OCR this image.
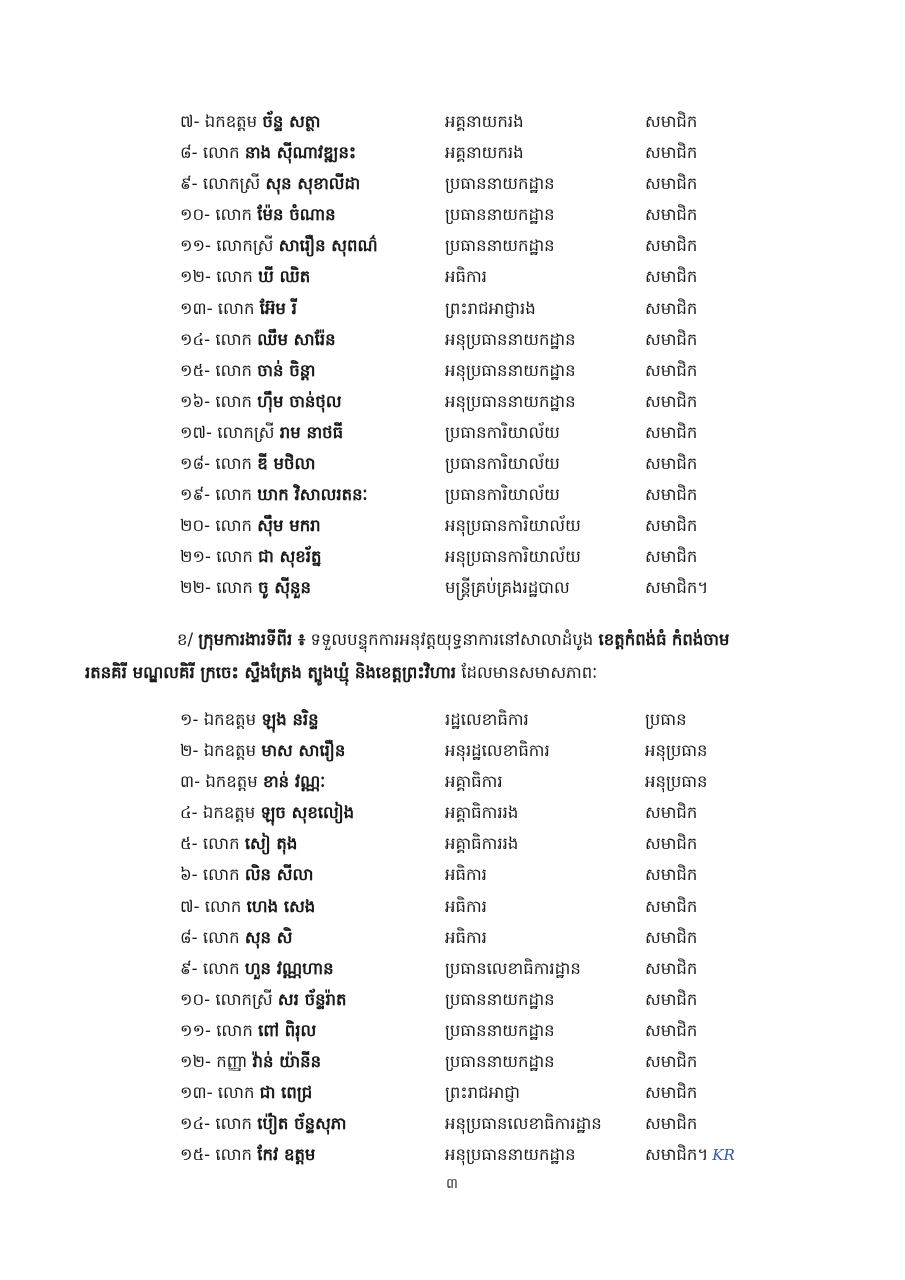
៧- ឯកឧត្តម ច័ន្ទ សត្ថា	អគ្គនាយករង	សមាជិក
៨- លោក នាង ស៊ីណាវឌ្ឍនះ	អគ្គនាយករង	សមាជិក
៩- លោកស្រី សុន សុខាលីដា	ប្រធាននាយកដ្ឋាន	សមាជិក
១០- លោក ម៉ែន ចំណាន	ប្រធាននាយកដ្ឋាន	សមាជិក
១១- លោកស្រី សារឿន សុពណ៌	ប្រធាននាយកដ្ឋាន	សមាជិក
១២- លោក ឃី ឈិត	អធិការ	សមាជិក
១៣- លោក អ៊ែម រី	ព្រះរាជអាជ្ញារង	សមាជិក
១៤- លោក ឈឹម សារ៉ែន	អនុប្រធាននាយកដ្ឋាន	សមាជិក
១៥- លោក ចាន់ ចិន្តា	អនុប្រធាននាយកដ្ឋាន	សមាជិក
១៦- លោក ហ៊ឹម ចាន់ថុល	អនុប្រធាននាយកដ្ឋាន	សមាជិក
១៧- លោកស្រី រាម នាថធី	ប្រធានការិយាល័យ	សមាជិក
១៨- លោក ឌី មថិលា	ប្រធានការិយាល័យ	សមាជិក
១៩- លោក ឃាក វិសាលរតនៈ	ប្រធានការិយាល័យ	សមាជិក
២០- លោក ស៊ឹម មករា	អនុប្រធានការិយាល័យ	សមាជិក
២១- លោក ជា សុខរ័ត្ន	អនុប្រធានការិយាល័យ	សមាជិក
២២- លោក ចូ ស៊ីនួន	មន្ត្រីគ្រប់គ្រងរដ្ឋបាល	សមាជិក។
ខ/ ក្រុមការងារទីពីរ ៖ ទទួលបន្ទុកការអនុវត្តយុទ្ធនាការនៅសាលាដំបូង ខេត្តកំពង់ធំ កំពង់ចាម
រតនគិរី មណ្ឌលគិរី ក្រចេះ ស្ទឹងត្រែង ត្បូងឃ្មុំ និងខេត្តព្រះវិហារ ដែលមានសមាសភាពៈ
១- ឯកឧត្តម ឡុង នរិន្ទ	រដ្ឋលេខាធិការ	ប្រធាន
២- ឯកឧត្តម មាស សារឿន	អនុរដ្ឋលេខាធិការ	អនុប្រធាន
៣- ឯកឧត្តម ខាន់ វណ្ណៈ	អគ្គាធិការ	អនុប្រធាន
៤- ឯកឧត្តម ឡុច សុខលៀង	អគ្គាធិការរង	សមាជិក
៥- លោក សៀ តុង	អគ្គាធិការរង	សមាជិក
៦- លោក លិន សីលា	អធិការ	សមាជិក
៧- លោក ហេង សេង	អធិការ	សមាជិក
៨- លោក សុន សិ	អធិការ	សមាជិក
៩- លោក ហួន វណ្ណហាន	ប្រធានលេខាធិការដ្ឋាន	សមាជិក
១០- លោកស្រី សរ ច័ន្ទរ៉ាត	ប្រធាននាយកដ្ឋាន	សមាជិក
១១- លោក ពៅ ពិរុល	ប្រធាននាយកដ្ឋាន	សមាជិក
១២- កញ្ញា វ៉ាន់ យ៉ានីន	ប្រធាននាយកដ្ឋាន	សមាជិក
១៣- លោក ជា ពេជ្រ	ព្រះរាជអាជ្ញា	សមាជិក
១៤- លោក ប៉ៀត ច័ន្ទសុភា	អនុប្រធានលេខាធិការដ្ឋាន	សមាជិក
១៥- លោក កែវ ឧត្តម	អនុប្រធាននាយកដ្ឋាន	សមាជិក។ KR
៣
